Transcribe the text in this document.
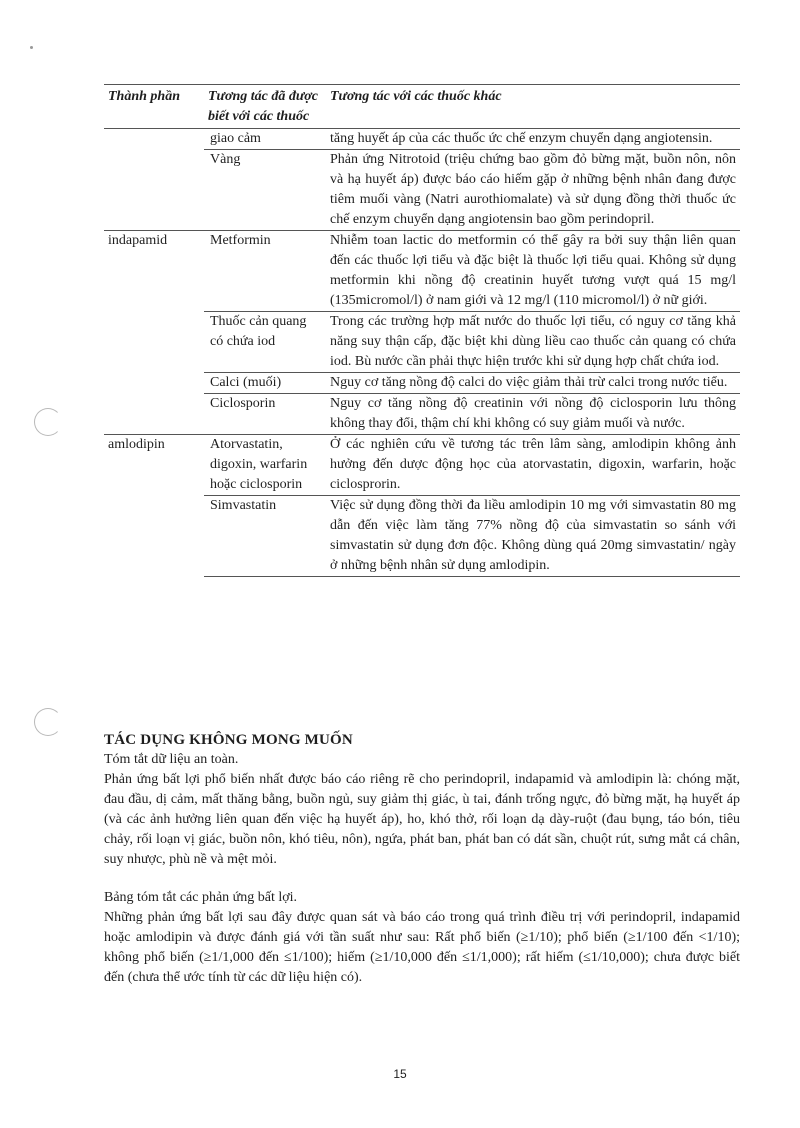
Thành phần	Tương tác đã được biết với các thuốc	Tương tác với các thuốc khác
	giao cảm	tăng huyết áp của các thuốc ức chế enzym chuyển dạng angiotensin.
	Vàng	Phản ứng Nitrotoid (triệu chứng bao gồm đỏ bừng mặt, buồn nôn, nôn và hạ huyết áp) được báo cáo hiếm gặp ở những bệnh nhân đang được tiêm muối vàng (Natri aurothiomalate) và sử dụng đồng thời thuốc ức chế enzym chuyển dạng angiotensin bao gồm perindopril.
indapamid	Metformin	Nhiễm toan lactic do metformin có thể gây ra bởi suy thận liên quan đến các thuốc lợi tiểu và đặc biệt là thuốc lợi tiểu quai. Không sử dụng metformin khi nồng độ creatinin huyết tương vượt quá 15 mg/l (135micromol/l) ở nam giới và 12 mg/l (110 micromol/l) ở nữ giới.
	Thuốc cản quang có chứa iod	Trong các trường hợp mất nước do thuốc lợi tiểu, có nguy cơ tăng khả năng suy thận cấp, đặc biệt khi dùng liều cao thuốc cản quang có chứa iod. Bù nước cần phải thực hiện trước khi sử dụng hợp chất chứa iod.
	Calci (muối)	Nguy cơ tăng nồng độ calci do việc giảm thải trừ calci trong nước tiểu.
	Ciclosporin	Nguy cơ tăng nồng độ creatinin với nồng độ ciclosporin lưu thông không thay đổi, thậm chí khi không có suy giảm muối và nước.
amlodipin	Atorvastatin, digoxin, warfarin hoặc ciclosporin	Ở các nghiên cứu về tương tác trên lâm sàng, amlodipin không ảnh hưởng đến dược động học của atorvastatin, digoxin, warfarin, hoặc ciclosprorin.
	Simvastatin	Việc sử dụng đồng thời đa liều amlodipin 10 mg với simvastatin 80 mg dẫn đến việc làm tăng 77% nồng độ của simvastatin so sánh với simvastatin sử dụng đơn độc. Không dùng quá 20mg simvastatin/ ngày ở những bệnh nhân sử dụng amlodipin.
TÁC DỤNG KHÔNG MONG MUỐN

Tóm tắt dữ liệu an toàn.

Phản ứng bất lợi phổ biến nhất được báo cáo riêng rẽ cho perindopril, indapamid và amlodipin là: chóng mặt, đau đầu, dị cảm, mất thăng bằng, buồn ngủ, suy giảm thị giác, ù tai, đánh trống ngực, đỏ bừng mặt, hạ huyết áp (và các ảnh hưởng liên quan đến việc hạ huyết áp), ho, khó thở, rối loạn dạ dày-ruột (đau bụng, táo bón, tiêu chảy, rối loạn vị giác, buồn nôn, khó tiêu, nôn), ngứa, phát ban, phát ban có dát sần, chuột rút, sưng mắt cá chân, suy nhược, phù nề và mệt mỏi.

Bảng tóm tắt các phản ứng bất lợi.

Những phản ứng bất lợi sau đây được quan sát và báo cáo trong quá trình điều trị với perindopril, indapamid hoặc amlodipin và được đánh giá với tần suất như sau: Rất phổ biến (≥1/10); phổ biến (≥1/100 đến <1/10); không phổ biến (≥1/1,000 đến ≤1/100); hiếm (≥1/10,000 đến ≤1/1,000); rất hiếm (≤1/10,000); chưa được biết đến (chưa thể ước tính từ các dữ liệu hiện có).

15
